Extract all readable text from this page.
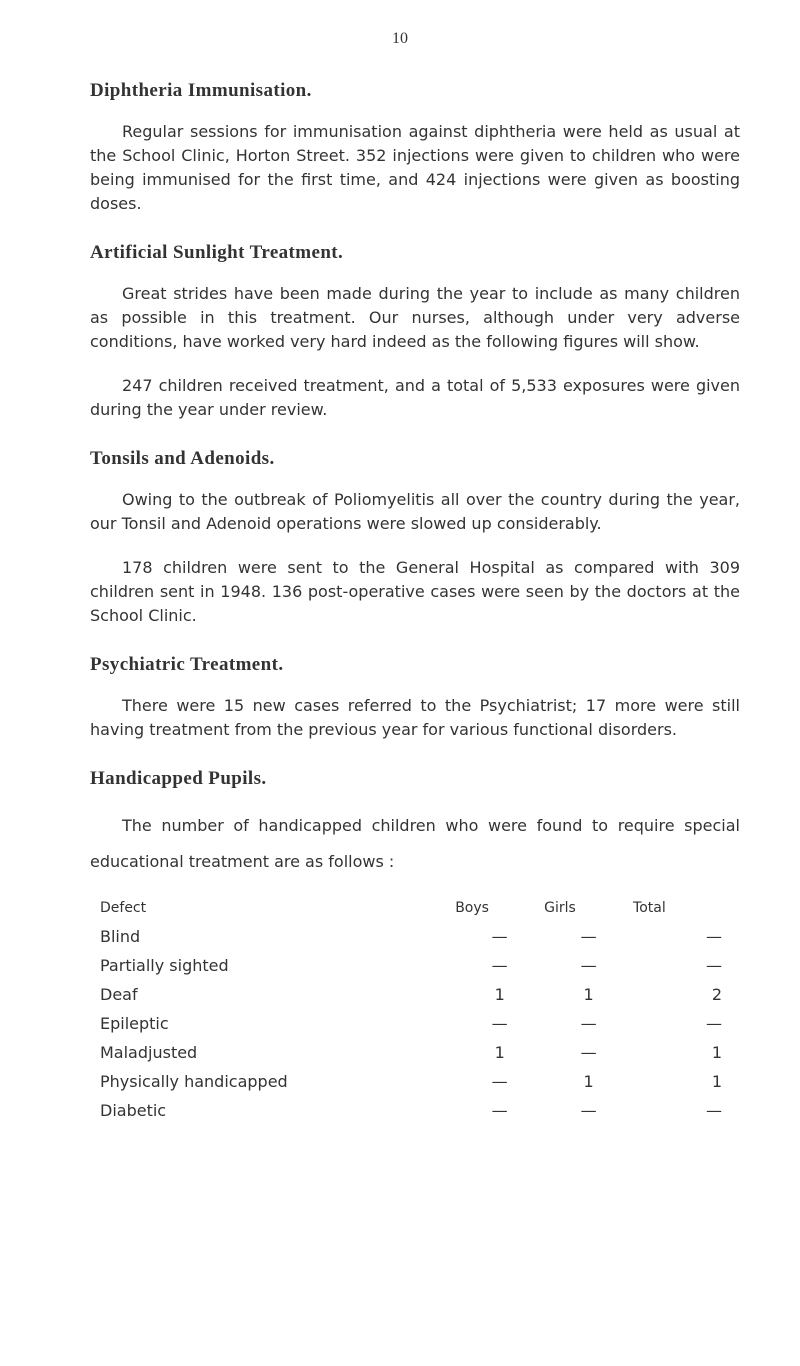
10
Diphtheria Immunisation.

Regular sessions for immunisation against diphtheria were held as usual at the School Clinic, Horton Street. 352 injections were given to children who were being immunised for the first time, and 424 injections were given as boosting doses.

Artificial Sunlight Treatment.

Great strides have been made during the year to include as many children as possible in this treatment. Our nurses, although under very adverse conditions, have worked very hard indeed as the following figures will show.

247 children received treatment, and a total of 5,533 exposures were given during the year under review.

Tonsils and Adenoids.

Owing to the outbreak of Poliomyelitis all over the country during the year, our Tonsil and Adenoid operations were slowed up considerably.

178 children were sent to the General Hospital as compared with 309 children sent in 1948. 136 post-operative cases were seen by the doctors at the School Clinic.

Psychiatric Treatment.

There were 15 new cases referred to the Psychiatrist; 17 more were still having treatment from the previous year for various functional disorders.

Handicapped Pupils.

The number of handicapped children who were found to require special educational treatment are as follows :

Defect	Boys	Girls	Total
Blind	—	—	—
Partially sighted	—	—	—
Deaf	1	1	2
Epileptic	—	—	—
Maladjusted	1	—	1
Physically handicapped	—	1	1
Diabetic	—	—	—
